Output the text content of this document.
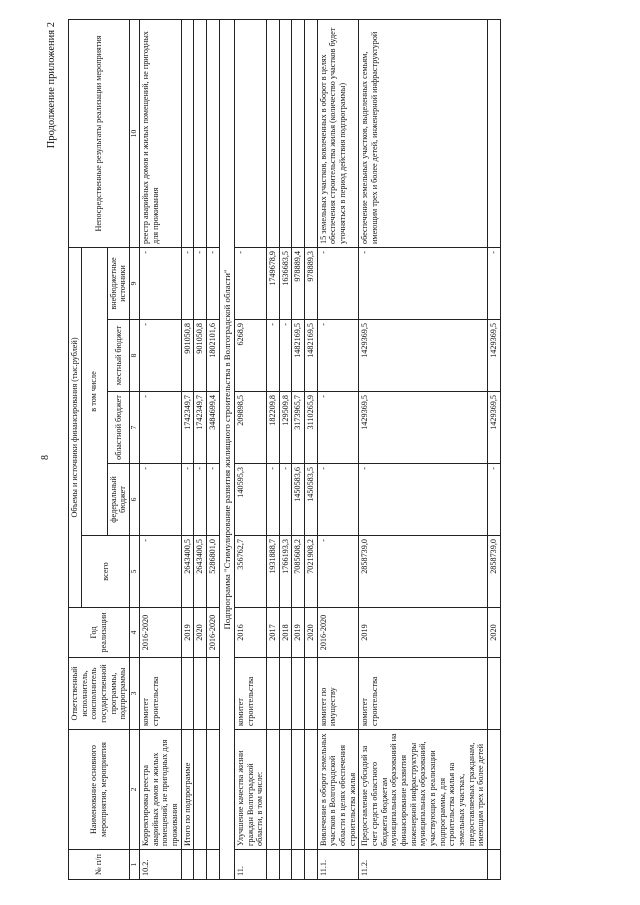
8
Продолжение приложения 2
№ п/п	Наименование основного мероприятия, мероприятия	Ответственный исполнитель, соисполнитель государственной программы, подпрограммы	Год реализации	Объемы и источники финансирования (тыс.рублей)					Непосредственные результаты реализации мероприятия
				всего	в том числе				
					федеральный бюджет	областной бюджет	местный бюджет	внебюджетные источники	
1	2	3	4	5	6	7	8	9	10
10.2.	Корректировка реестра аварийных домов и жилых помещений, не пригодных для проживания	комитет строительства	2016-2020	-	-	-	-	-	реестр аварийных домов и жилых помещений, не пригодных для проживания
	Итого по подпрограмме		2019	2643400,5	-	1742349,7	901050,8	-	
			2020	2643400,5	-	1742349,7	901050,8	-	
			2016-2020	5286801,0	-	3484699,4	1802101,6	-	
Подпрограмма "Стимулирование развития жилищного строительства в Волгоградской области"									
11.	Улучшение качества жизни граждан Волгоградской области, в том числе:	комитет строительства	2016	356762,7	140595,3	209898,5	6268,9	-	
			2017	1931888,7	-	182209,8	-	1749678,9	
			2018	1766193,3	-	129509,8	-	1636683,5	
			2019	7085608,2	1450583,6	3173965,7	1482169,5	978889,4	
			2020	7021908,2	1450583,5	3110265,9	1482169,5	978889,3	
11.1.	Вовлечение в оборот земельных участков в Волгоградской области в целях обеспечения строительства жилья	комитет по имуществу	2016-2020	-	-	-	-	-	15 земельных участков, вовлеченных в оборот в целях обеспечения строительства жилья (количество участков будет уточняться в период действия подпрограммы)
11.2.	Предоставление субсидий за счет средств областного бюджета бюджетам муниципальных образований на финансирование развития инженерной инфраструктуры муниципальных образований, участвующих в реализации подпрограммы, для строительства жилья на земельных участках, предоставляемых гражданам, имеющим трех и более детей	комитет строительства	2019	2858739,0	-	1429369,5	1429369,5	-	обеспечение земельных участков, выделенных семьям, имеющим трех и более детей, инженерной инфраструктурой
			2020	2858739,0	-	1429369,5	1429369,5	-	
